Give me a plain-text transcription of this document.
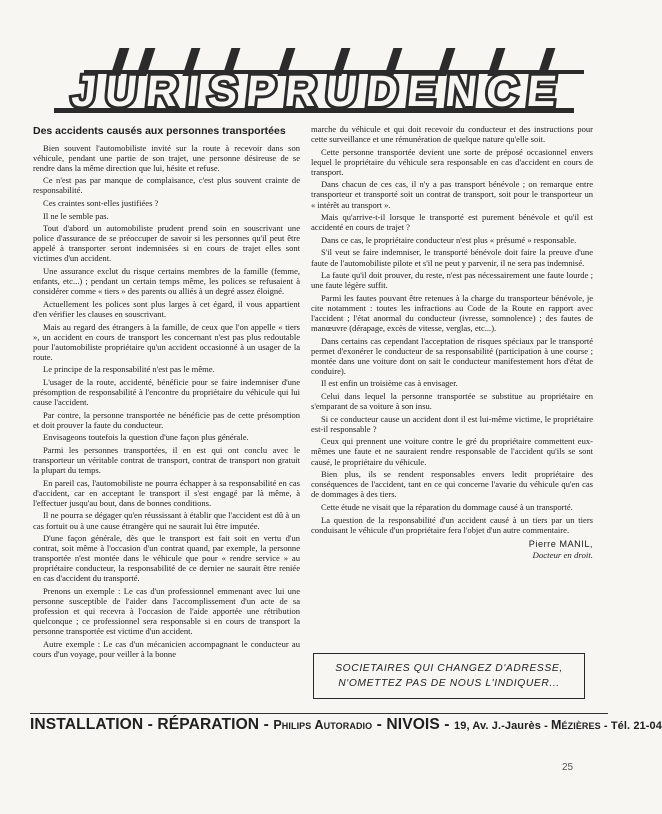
JURISPRUDENCE
Des accidents causés aux personnes transportées

Bien souvent l'automobiliste invité sur la route à recevoir dans son véhicule, pendant une partie de son trajet, une personne désireuse de se rendre dans la même direction que lui, hésite et refuse.

Ce n'est pas par manque de complaisance, c'est plus souvent crainte de responsabilité.

Ces craintes sont-elles justifiées ?

Il ne le semble pas.

Tout d'abord un automobiliste prudent prend soin en souscrivant une police d'assurance de se préoccuper de savoir si les personnes qu'il peut être appelé à transporter seront indemnisées si en cours de trajet elles sont victimes d'un accident.

Une assurance exclut du risque certains membres de la famille (femme, enfants, etc...) ; pendant un certain temps même, les polices se refusaient à considérer comme « tiers » des parents ou alliés à un degré assez éloigné.

Actuellement les polices sont plus larges à cet égard, il vous appartient d'en vérifier les clauses en souscrivant.

Mais au regard des étrangers à la famille, de ceux que l'on appelle « tiers », un accident en cours de transport les concernant n'est pas plus redoutable pour l'automobiliste propriétaire qu'un accident occasionné à un usager de la route.

Le principe de la responsabilité n'est pas le même.

L'usager de la route, accidenté, bénéficie pour se faire indemniser d'une présomption de responsabilité à l'encontre du propriétaire du véhicule qui lui cause l'accident.

Par contre, la personne transportée ne bénéficie pas de cette présomption et doit prouver la faute du conducteur.

Envisageons toutefois la question d'une façon plus générale.

Parmi les personnes transportées, il en est qui ont conclu avec le transporteur un véritable contrat de transport, contrat de transport non gratuit la plupart du temps.

En pareil cas, l'automobiliste ne pourra échapper à sa responsabilité en cas d'accident, car en acceptant le transport il s'est engagé par là même, à l'effectuer jusqu'au bout, dans de bonnes conditions.

Il ne pourra se dégager qu'en réussissant à établir que l'accident est dû à un cas fortuit ou à une cause étrangère qui ne saurait lui être imputée.

D'une façon générale, dès que le transport est fait soit en vertu d'un contrat, soit même à l'occasion d'un contrat quand, par exemple, la personne transportée n'est montée dans le véhicule que pour « rendre service » au propriétaire conducteur, la responsabilité de ce dernier ne saurait être reniée en cas d'accident du transporté.

Prenons un exemple : Le cas d'un professionnel emmenant avec lui une personne susceptible de l'aider dans l'accomplissement d'un acte de sa profession et qui recevra à l'occasion de l'aide apportée une rétribution quelconque ; ce professionnel sera responsable si en cours de transport la personne transportée est victime d'un accident.

Autre exemple : Le cas d'un mécanicien accompagnant le conducteur au cours d'un voyage, pour veiller à la bonne

marche du véhicule et qui doit recevoir du conducteur et des instructions pour cette surveillance et une rémunération de quelque nature qu'elle soit.

Cette personne transportée devient une sorte de préposé occasionnel envers lequel le propriétaire du véhicule sera responsable en cas d'accident en cours de transport.

Dans chacun de ces cas, il n'y a pas transport bénévole ; on remarque entre transporteur et transporté soit un contrat de transport, soit pour le transporteur un « intérêt au transport ».

Mais qu'arrive-t-il lorsque le transporté est purement bénévole et qu'il est accidenté en cours de trajet ?

Dans ce cas, le propriétaire conducteur n'est plus « présumé » responsable.

S'il veut se faire indemniser, le transporté bénévole doit faire la preuve d'une faute de l'automobiliste pilote et s'il ne peut y parvenir, il ne sera pas indemnisé.

La faute qu'il doit prouver, du reste, n'est pas nécessairement une faute lourde ; une faute légère suffit.

Parmi les fautes pouvant être retenues à la charge du transporteur bénévole, je cite notamment : toutes les infractions au Code de la Route en rapport avec l'accident ; l'état anormal du conducteur (ivresse, somnolence) ; des fautes de manœuvre (dérapage, excès de vitesse, verglas, etc...).

Dans certains cas cependant l'acceptation de risques spéciaux par le transporté permet d'exonérer le conducteur de sa responsabilité (participation à une course ; montée dans une voiture dont on sait le conducteur manifestement hors d'état de conduire).

Il est enfin un troisième cas à envisager.

Celui dans lequel la personne transportée se substitue au propriétaire en s'emparant de sa voiture à son insu.

Si ce conducteur cause un accident dont il est lui-même victime, le propriétaire est-il responsable ?

Ceux qui prennent une voiture contre le gré du propriétaire commettent eux-mêmes une faute et ne sauraient rendre responsable de l'accident qu'ils se sont causé, le propriétaire du véhicule.

Bien plus, ils se rendent responsables envers ledit propriétaire des conséquences de l'accident, tant en ce qui concerne l'avarie du véhicule qu'en cas de dommages à des tiers.

Cette étude ne visait que la réparation du dommage causé à un transporté.

La question de la responsabilité d'un accident causé à un tiers par un tiers conduisant le véhicule d'un propriétaire fera l'objet d'un autre commentaire.

Pierre MANIL,
Docteur en droit.
SOCIETAIRES QUI CHANGEZ D'ADRESSE,
N'OMETTEZ PAS DE NOUS L'INDIQUER...
INSTALLATION - RÉPARATION - Philips Autoradio - NIVOIS - 19, Av. J.-Jaurès - Mézières - Tél. 21-04
25
